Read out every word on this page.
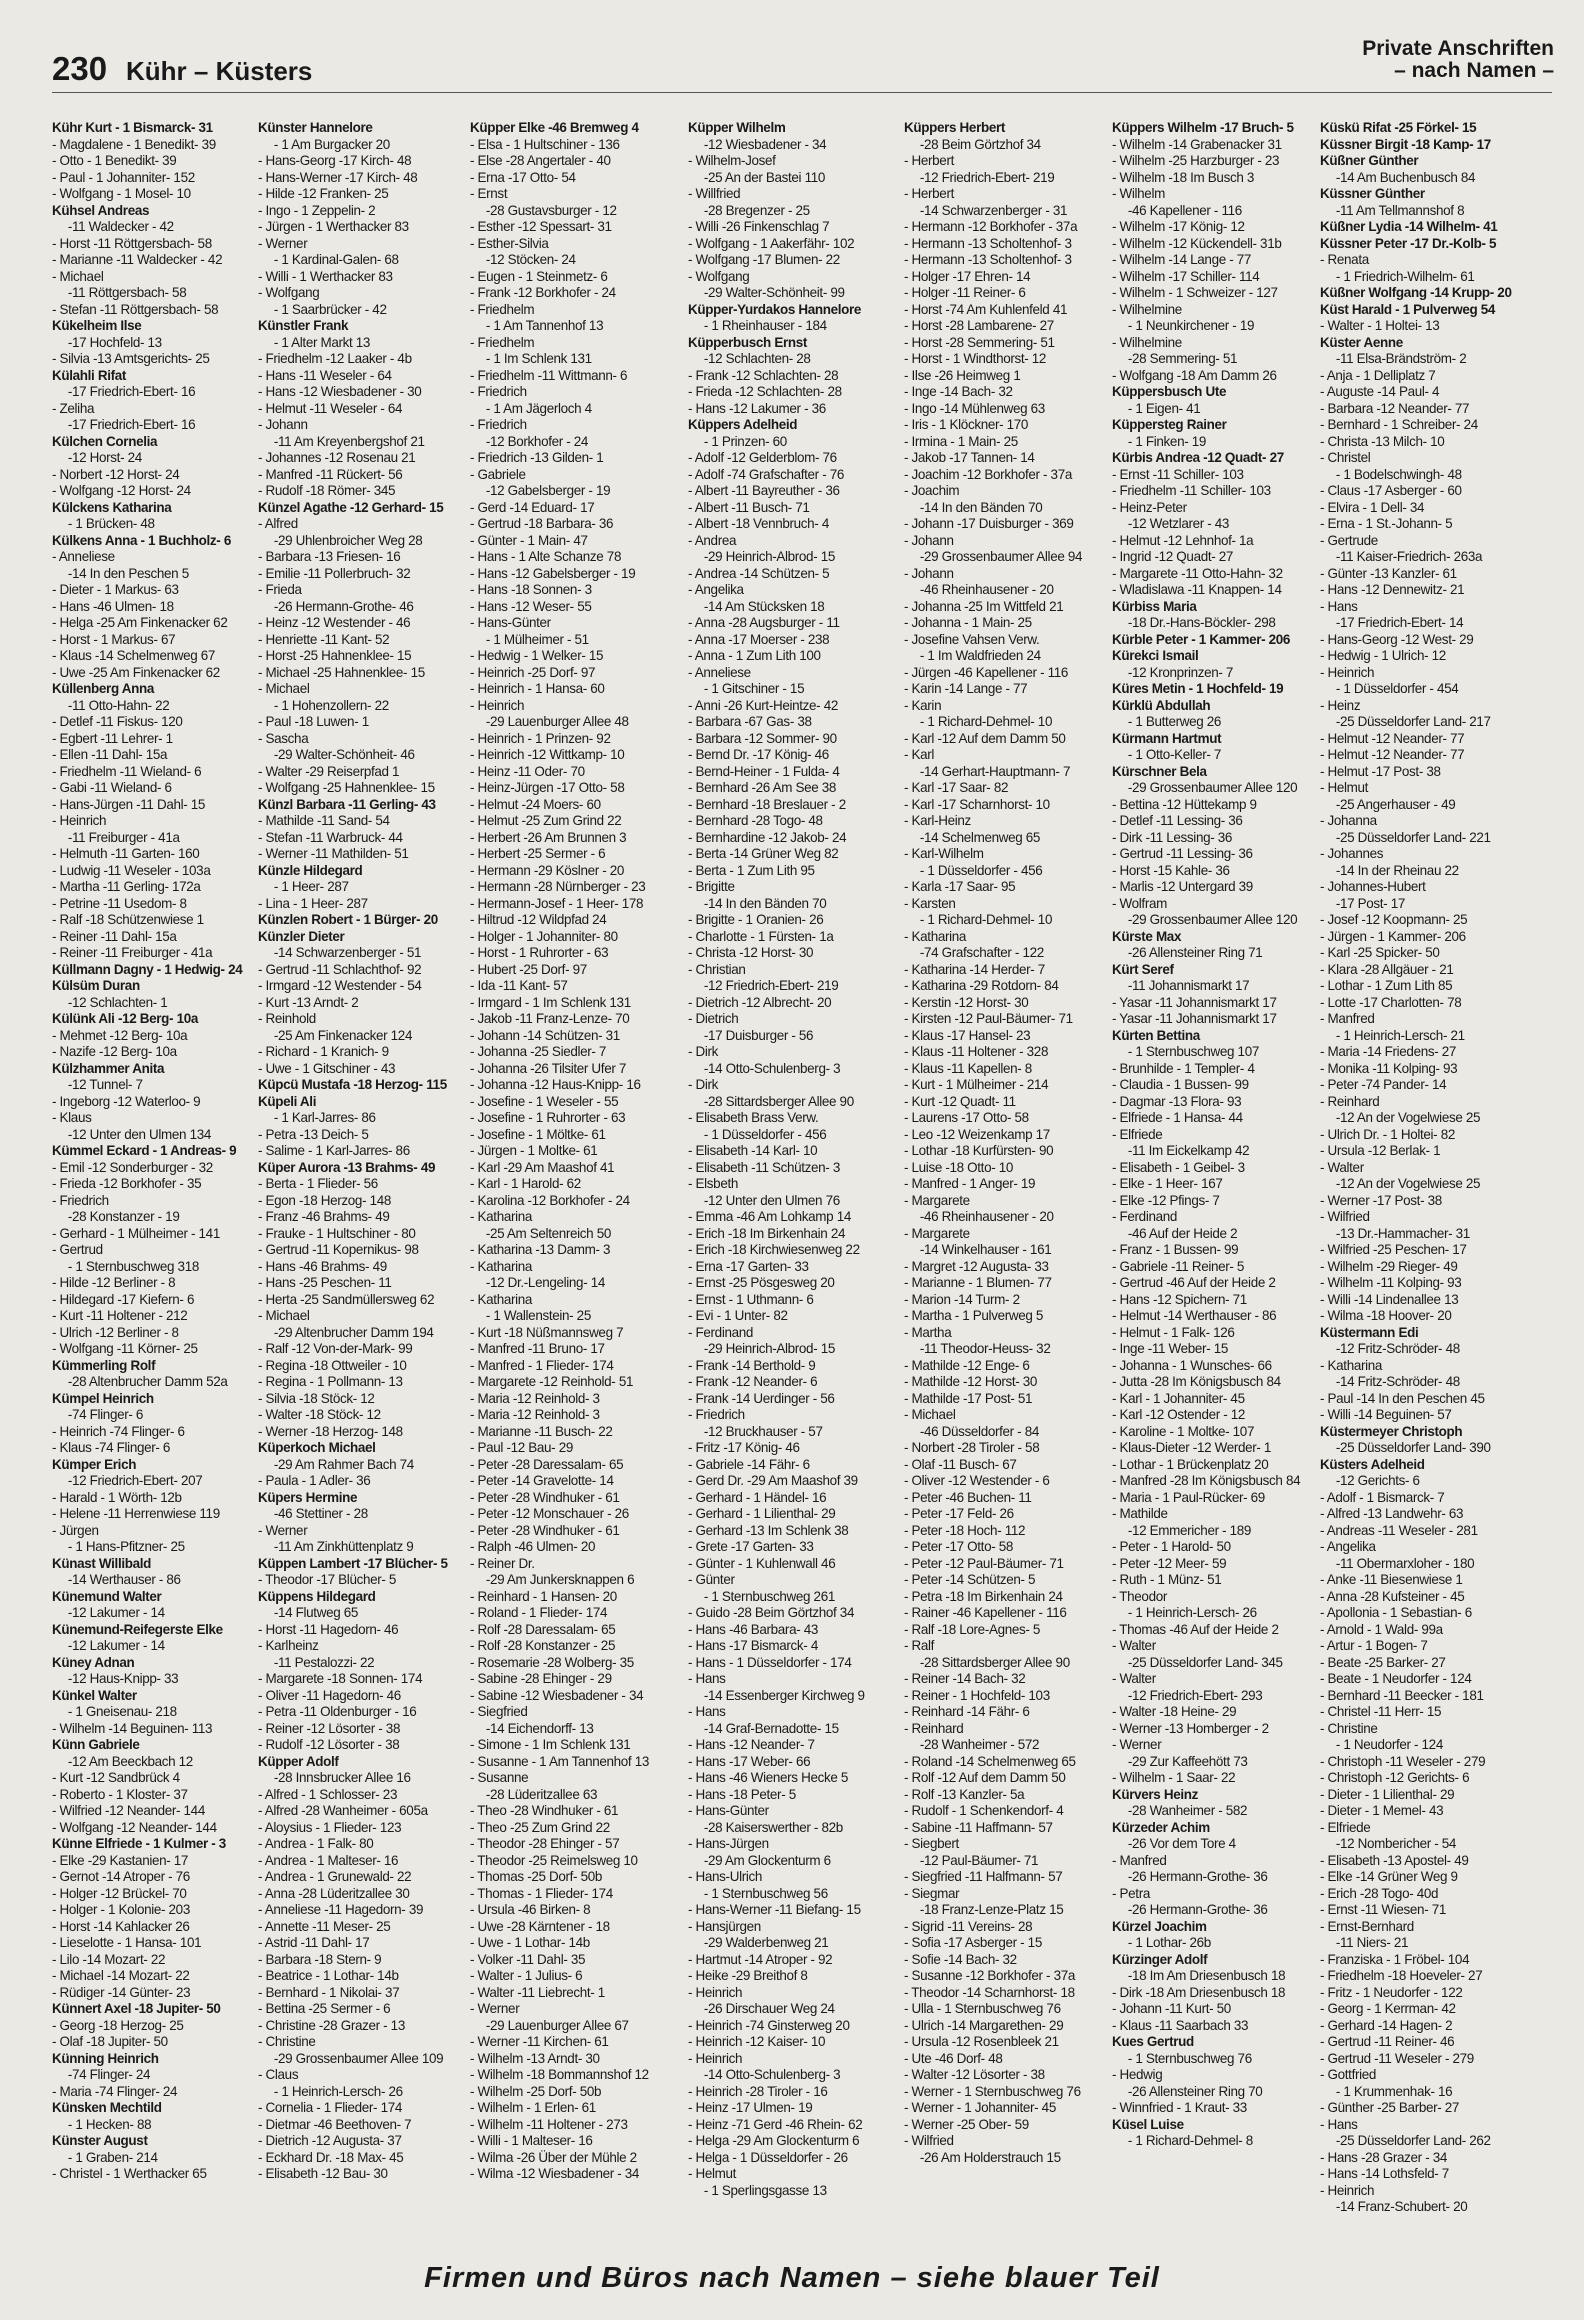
230 Kühr – Küsters
Private Anschriften
– nach Namen –
Kühr Kurt - 1 Bismarck- 31
- Magdalene - 1 Benedikt- 39
- Otto - 1 Benedikt- 39
- Paul - 1 Johanniter- 152
- Wolfgang - 1 Mosel- 10
Kühsel Andreas
-11 Waldecker - 42
- Horst -11 Röttgersbach- 58
- Marianne -11 Waldecker - 42
- Michael
-11 Röttgersbach- 58
- Stefan -11 Röttgersbach- 58
Kükelheim Ilse
-17 Hochfeld- 13
- Silvia -13 Amtsgerichts- 25
Külahli Rifat
-17 Friedrich-Ebert- 16
- Zeliha
-17 Friedrich-Ebert- 16
Külchen Cornelia
-12 Horst- 24
- Norbert -12 Horst- 24
- Wolfgang -12 Horst- 24
Külckens Katharina
- 1 Brücken- 48
Külkens Anna - 1 Buchholz- 6
- Anneliese
-14 In den Peschen 5
- Dieter - 1 Markus- 63
- Hans -46 Ulmen- 18
- Helga -25 Am Finkenacker 62
- Horst - 1 Markus- 67
- Klaus -14 Schelmenweg 67
- Uwe -25 Am Finkenacker 62
Küllenberg Anna
-11 Otto-Hahn- 22
- Detlef -11 Fiskus- 120
- Egbert -11 Lehrer- 1
- Ellen -11 Dahl- 15a
- Friedhelm -11 Wieland- 6
- Gabi -11 Wieland- 6
- Hans-Jürgen -11 Dahl- 15
- Heinrich
-11 Freiburger - 41a
- Helmuth -11 Garten- 160
- Ludwig -11 Weseler - 103a
- Martha -11 Gerling- 172a
- Petrine -11 Usedom- 8
- Ralf -18 Schützenwiese 1
- Reiner -11 Dahl- 15a
- Reiner -11 Freiburger - 41a
Küllmann Dagny - 1 Hedwig- 24
Külsüm Duran
-12 Schlachten- 1
Külünk Ali -12 Berg- 10a
- Mehmet -12 Berg- 10a
- Nazife -12 Berg- 10a
Külzhammer Anita
-12 Tunnel- 7
- Ingeborg -12 Waterloo- 9
- Klaus
-12 Unter den Ulmen 134
Kümmel Eckard - 1 Andreas- 9
- Emil -12 Sonderburger - 32
- Frieda -12 Borkhofer - 35
- Friedrich
-28 Konstanzer - 19
- Gerhard - 1 Mülheimer - 141
- Gertrud
- 1 Sternbuschweg 318
- Hilde -12 Berliner - 8
- Hildegard -17 Kiefern- 6
- Kurt -11 Holtener - 212
- Ulrich -12 Berliner - 8
- Wolfgang -11 Körner- 25
Kümmerling Rolf
-28 Altenbrucher Damm 52a
Kümpel Heinrich
-74 Flinger- 6
- Heinrich -74 Flinger- 6
- Klaus -74 Flinger- 6
Kümper Erich
-12 Friedrich-Ebert- 207
- Harald - 1 Wörth- 12b
- Helene -11 Herrenwiese 119
- Jürgen
- 1 Hans-Pfitzner- 25
Künast Willibald
-14 Werthauser - 86
Künemund Walter
-12 Lakumer - 14
Künemund-Reifegerste Elke
-12 Lakumer - 14
Küney Adnan
-12 Haus-Knipp- 33
Künkel Walter
- 1 Gneisenau- 218
- Wilhelm -14 Beguinen- 113
Künn Gabriele
-12 Am Beeckbach 12
- Kurt -12 Sandbrück 4
- Roberto - 1 Kloster- 37
- Wilfried -12 Neander- 144
- Wolfgang -12 Neander- 144
Künne Elfriede - 1 Kulmer - 3
- Elke -29 Kastanien- 17
- Gernot -14 Atroper - 76
- Holger -12 Brückel- 70
- Holger - 1 Kolonie- 203
- Horst -14 Kahlacker 26
- Lieselotte - 1 Hansa- 101
- Lilo -14 Mozart- 22
- Michael -14 Mozart- 22
- Rüdiger -14 Günter- 23
Künnert Axel -18 Jupiter- 50
- Georg -18 Herzog- 25
- Olaf -18 Jupiter- 50
Künning Heinrich
-74 Flinger- 24
- Maria -74 Flinger- 24
Künsken Mechtild
- 1 Hecken- 88
Künster August
- 1 Graben- 214
- Christel - 1 Werthacker 65
Künster Hannelore
- 1 Am Burgacker 20
- Hans-Georg -17 Kirch- 48
- Hans-Werner -17 Kirch- 48
- Hilde -12 Franken- 25
- Ingo - 1 Zeppelin- 2
- Jürgen - 1 Werthacker 83
- Werner
- 1 Kardinal-Galen- 68
- Willi - 1 Werthacker 83
- Wolfgang
- 1 Saarbrücker - 42
Künstler Frank
- 1 Alter Markt 13
- Friedhelm -12 Laaker - 4b
- Hans -11 Weseler - 64
- Hans -12 Wiesbadener - 30
- Helmut -11 Weseler - 64
- Johann
-11 Am Kreyenbergshof 21
- Johannes -12 Rosenau 21
- Manfred -11 Rückert- 56
- Rudolf -18 Römer- 345
Künzel Agathe -12 Gerhard- 15
- Alfred
-29 Uhlenbroicher Weg 28
- Barbara -13 Friesen- 16
- Emilie -11 Pollerbruch- 32
- Frieda
-26 Hermann-Grothe- 46
- Heinz -12 Westender - 46
- Henriette -11 Kant- 52
- Horst -25 Hahnenklee- 15
- Michael -25 Hahnenklee- 15
- Michael
- 1 Hohenzollern- 22
- Paul -18 Luwen- 1
- Sascha
-29 Walter-Schönheit- 46
- Walter -29 Reiserpfad 1
- Wolfgang -25 Hahnenklee- 15
Künzl Barbara -11 Gerling- 43
- Mathilde -11 Sand- 54
- Stefan -11 Warbruck- 44
- Werner -11 Mathilden- 51
Künzle Hildegard
- 1 Heer- 287
- Lina - 1 Heer- 287
Künzlen Robert - 1 Bürger- 20
Künzler Dieter
-14 Schwarzenberger - 51
- Gertrud -11 Schlachthof- 92
- Irmgard -12 Westender - 54
- Kurt -13 Arndt- 2
- Reinhold
-25 Am Finkenacker 124
- Richard - 1 Kranich- 9
- Uwe - 1 Gitschiner - 43
Küpcü Mustafa -18 Herzog- 115
Küpeli Ali
- 1 Karl-Jarres- 86
- Petra -13 Deich- 5
- Salime - 1 Karl-Jarres- 86
Küper Aurora -13 Brahms- 49
- Berta - 1 Flieder- 56
- Egon -18 Herzog- 148
- Franz -46 Brahms- 49
- Frauke - 1 Hultschiner - 80
- Gertrud -11 Kopernikus- 98
- Hans -46 Brahms- 49
- Hans -25 Peschen- 11
- Herta -25 Sandmüllersweg 62
- Michael
-29 Altenbrucher Damm 194
- Ralf -12 Von-der-Mark- 99
- Regina -18 Ottweiler - 10
- Regina - 1 Pollmann- 13
- Silvia -18 Stöck- 12
- Walter -18 Stöck- 12
- Werner -18 Herzog- 148
Küperkoch Michael
-29 Am Rahmer Bach 74
- Paula - 1 Adler- 36
Küpers Hermine
-46 Stettiner - 28
- Werner
-11 Am Zinkhüttenplatz 9
Küppen Lambert -17 Blücher- 5
- Theodor -17 Blücher- 5
Küppens Hildegard
-14 Flutweg 65
- Horst -11 Hagedorn- 46
- Karlheinz
-11 Pestalozzi- 22
- Margarete -18 Sonnen- 174
- Oliver -11 Hagedorn- 46
- Petra -11 Oldenburger - 16
- Reiner -12 Lösorter - 38
- Rudolf -12 Lösorter - 38
Küpper Adolf
-28 Innsbrucker Allee 16
- Alfred - 1 Schlosser- 23
- Alfred -28 Wanheimer - 605a
- Aloysius - 1 Flieder- 123
- Andrea - 1 Falk- 80
- Andrea - 1 Malteser- 16
- Andrea - 1 Grunewald- 22
- Anna -28 Lüderitzallee 30
- Anneliese -11 Hagedorn- 39
- Annette -11 Meser- 25
- Astrid -11 Dahl- 17
- Barbara -18 Stern- 9
- Beatrice - 1 Lothar- 14b
- Bernhard - 1 Nikolai- 37
- Bettina -25 Sermer - 6
- Christine -28 Grazer - 13
- Christine
-29 Grossenbaumer Allee 109
- Claus
- 1 Heinrich-Lersch- 26
- Cornelia - 1 Flieder- 174
- Dietmar -46 Beethoven- 7
- Dietrich -12 Augusta- 37
- Eckhard Dr. -18 Max- 45
- Elisabeth -12 Bau- 30
Küpper Elke -46 Bremweg 4
- Elsa - 1 Hultschiner - 136
- Else -28 Angertaler - 40
- Erna -17 Otto- 54
- Ernst
-28 Gustavsburger - 12
- Esther -12 Spessart- 31
- Esther-Silvia
-12 Stöcken- 24
- Eugen - 1 Steinmetz- 6
- Frank -12 Borkhofer - 24
- Friedhelm
- 1 Am Tannenhof 13
- Friedhelm
- 1 Im Schlenk 131
- Friedhelm -11 Wittmann- 6
- Friedrich
- 1 Am Jägerloch 4
- Friedrich
-12 Borkhofer - 24
- Friedrich -13 Gilden- 1
- Gabriele
-12 Gabelsberger - 19
- Gerd -14 Eduard- 17
- Gertrud -18 Barbara- 36
- Günter - 1 Main- 47
- Hans - 1 Alte Schanze 78
- Hans -12 Gabelsberger - 19
- Hans -18 Sonnen- 3
- Hans -12 Weser- 55
- Hans-Günter
- 1 Mülheimer - 51
- Hedwig - 1 Welker- 15
- Heinrich -25 Dorf- 97
- Heinrich - 1 Hansa- 60
- Heinrich
-29 Lauenburger Allee 48
- Heinrich - 1 Prinzen- 92
- Heinrich -12 Wittkamp- 10
- Heinz -11 Oder- 70
- Heinz-Jürgen -17 Otto- 58
- Helmut -24 Moers- 60
- Helmut -25 Zum Grind 22
- Herbert -26 Am Brunnen 3
- Herbert -25 Sermer - 6
- Hermann -29 Köslner - 20
- Hermann -28 Nürnberger - 23
- Hermann-Josef - 1 Heer- 178
- Hiltrud -12 Wildpfad 24
- Holger - 1 Johanniter- 80
- Horst - 1 Ruhrorter - 63
- Hubert -25 Dorf- 97
- Ida -11 Kant- 57
- Irmgard - 1 Im Schlenk 131
- Jakob -11 Franz-Lenze- 70
- Johann -14 Schützen- 31
- Johanna -25 Siedler- 7
- Johanna -26 Tilsiter Ufer 7
- Johanna -12 Haus-Knipp- 16
- Josefine - 1 Weseler - 55
- Josefine - 1 Ruhrorter - 63
- Josefine - 1 Möltke- 61
- Jürgen - 1 Moltke- 61
- Karl -29 Am Maashof 41
- Karl - 1 Harold- 62
- Karolina -12 Borkhofer - 24
- Katharina
-25 Am Seltenreich 50
- Katharina -13 Damm- 3
- Katharina
-12 Dr.-Lengeling- 14
- Katharina
- 1 Wallenstein- 25
- Kurt -18 Nüßmannsweg 7
- Manfred -11 Bruno- 17
- Manfred - 1 Flieder- 174
- Margarete -12 Reinhold- 51
- Maria -12 Reinhold- 3
- Maria -12 Reinhold- 3
- Marianne -11 Busch- 22
- Paul -12 Bau- 29
- Peter -28 Daressalam- 65
- Peter -14 Gravelotte- 14
- Peter -28 Windhuker - 61
- Peter -12 Monschauer - 26
- Peter -28 Windhuker - 61
- Ralph -46 Ulmen- 20
- Reiner Dr.
-29 Am Junkersknappen 6
- Reinhard - 1 Hansen- 20
- Roland - 1 Flieder- 174
- Rolf -28 Daressalam- 65
- Rolf -28 Konstanzer - 25
- Rosemarie -28 Wolberg- 35
- Sabine -28 Ehinger - 29
- Sabine -12 Wiesbadener - 34
- Siegfried
-14 Eichendorff- 13
- Simone - 1 Im Schlenk 131
- Susanne - 1 Am Tannenhof 13
- Susanne
-28 Lüderitzallee 63
- Theo -28 Windhuker - 61
- Theo -25 Zum Grind 22
- Theodor -28 Ehinger - 57
- Theodor -25 Reimelsweg 10
- Thomas -25 Dorf- 50b
- Thomas - 1 Flieder- 174
- Ursula -46 Birken- 8
- Uwe -28 Kärntener - 18
- Uwe - 1 Lothar- 14b
- Volker -11 Dahl- 35
- Walter - 1 Julius- 6
- Walter -11 Liebrecht- 1
- Werner
-29 Lauenburger Allee 67
- Werner -11 Kirchen- 61
- Wilhelm -13 Arndt- 30
- Wilhelm -18 Bommannshof 12
- Wilhelm -25 Dorf- 50b
- Wilhelm - 1 Erlen- 61
- Wilhelm -11 Holtener - 273
- Willi - 1 Malteser- 16
- Wilma -26 Über der Mühle 2
- Wilma -12 Wiesbadener - 34
Küpper Wilhelm
-12 Wiesbadener - 34
- Wilhelm-Josef
-25 An der Bastei 110
- Willfried
-28 Bregenzer - 25
- Willi -26 Finkenschlag 7
- Wolfgang - 1 Aakerfähr- 102
- Wolfgang -17 Blumen- 22
- Wolfgang
-29 Walter-Schönheit- 99
Küpper-Yurdakos Hannelore
- 1 Rheinhauser - 184
Küpperbusch Ernst
-12 Schlachten- 28
- Frank -12 Schlachten- 28
- Frieda -12 Schlachten- 28
- Hans -12 Lakumer - 36
Küppers Adelheid
- 1 Prinzen- 60
- Adolf -12 Gelderblom- 76
- Adolf -74 Grafschafter - 76
- Albert -11 Bayreuther - 36
- Albert -11 Busch- 71
- Albert -18 Vennbruch- 4
- Andrea
-29 Heinrich-Albrod- 15
- Andrea -14 Schützen- 5
- Angelika
-14 Am Stücksken 18
- Anna -28 Augsburger - 11
- Anna -17 Moerser - 238
- Anna - 1 Zum Lith 100
- Anneliese
- 1 Gitschiner - 15
- Anni -26 Kurt-Heintze- 42
- Barbara -67 Gas- 38
- Barbara -12 Sommer- 90
- Bernd Dr. -17 König- 46
- Bernd-Heiner - 1 Fulda- 4
- Bernhard -26 Am See 38
- Bernhard -18 Breslauer - 2
- Bernhard -28 Togo- 48
- Bernhardine -12 Jakob- 24
- Berta -14 Grüner Weg 82
- Berta - 1 Zum Lith 95
- Brigitte
-14 In den Bänden 70
- Brigitte - 1 Oranien- 26
- Charlotte - 1 Fürsten- 1a
- Christa -12 Horst- 30
- Christian
-12 Friedrich-Ebert- 219
- Dietrich -12 Albrecht- 20
- Dietrich
-17 Duisburger - 56
- Dirk
-14 Otto-Schulenberg- 3
- Dirk
-28 Sittardsberger Allee 90
- Elisabeth Brass Verw.
- 1 Düsseldorfer - 456
- Elisabeth -14 Karl- 10
- Elisabeth -11 Schützen- 3
- Elsbeth
-12 Unter den Ulmen 76
- Emma -46 Am Lohkamp 14
- Erich -18 Im Birkenhain 24
- Erich -18 Kirchwiesenweg 22
- Erna -17 Garten- 33
- Ernst -25 Pösgesweg 20
- Ernst - 1 Uthmann- 6
- Evi - 1 Unter- 82
- Ferdinand
-29 Heinrich-Albrod- 15
- Frank -14 Berthold- 9
- Frank -12 Neander- 6
- Frank -14 Uerdinger - 56
- Friedrich
-12 Bruckhauser - 57
- Fritz -17 König- 46
- Gabriele -14 Fähr- 6
- Gerd Dr. -29 Am Maashof 39
- Gerhard - 1 Händel- 16
- Gerhard - 1 Lilienthal- 29
- Gerhard -13 Im Schlenk 38
- Grete -17 Garten- 33
- Günter - 1 Kuhlenwall 46
- Günter
- 1 Sternbuschweg 261
- Guido -28 Beim Görtzhof 34
- Hans -46 Barbara- 43
- Hans -17 Bismarck- 4
- Hans - 1 Düsseldorfer - 174
- Hans
-14 Essenberger Kirchweg 9
- Hans
-14 Graf-Bernadotte- 15
- Hans -12 Neander- 7
- Hans -17 Weber- 66
- Hans -46 Wieners Hecke 5
- Hans -18 Peter- 5
- Hans-Günter
-28 Kaiserswerther - 82b
- Hans-Jürgen
-29 Am Glockenturm 6
- Hans-Ulrich
- 1 Sternbuschweg 56
- Hans-Werner -11 Biefang- 15
- Hansjürgen
-29 Walderbenweg 21
- Hartmut -14 Atroper - 92
- Heike -29 Breithof 8
- Heinrich
-26 Dirschauer Weg 24
- Heinrich -74 Ginsterweg 20
- Heinrich -12 Kaiser- 10
- Heinrich
-14 Otto-Schulenberg- 3
- Heinrich -28 Tiroler - 16
- Heinz -17 Ulmen- 19
- Heinz -71 Gerd -46 Rhein- 62
- Helga -29 Am Glockenturm 6
- Helga - 1 Düsseldorfer - 26
- Helmut
- 1 Sperlingsgasse 13
Küppers Herbert
-28 Beim Görtzhof 34
- Herbert
-12 Friedrich-Ebert- 219
- Herbert
-14 Schwarzenberger - 31
- Hermann -12 Borkhofer - 37a
- Hermann -13 Scholtenhof- 3
- Hermann -13 Scholtenhof- 3
- Holger -17 Ehren- 14
- Holger -11 Reiner- 6
- Horst -74 Am Kuhlenfeld 41
- Horst -28 Lambarene- 27
- Horst -28 Semmering- 51
- Horst - 1 Windthorst- 12
- Ilse -26 Heimweg 1
- Inge -14 Bach- 32
- Ingo -14 Mühlenweg 63
- Iris - 1 Klöckner- 170
- Irmina - 1 Main- 25
- Jakob -17 Tannen- 14
- Joachim -12 Borkhofer - 37a
- Joachim
-14 In den Bänden 70
- Johann -17 Duisburger - 369
- Johann
-29 Grossenbaumer Allee 94
- Johann
-46 Rheinhausener - 20
- Johanna -25 Im Wittfeld 21
- Johanna - 1 Main- 25
- Josefine Vahsen Verw.
- 1 Im Waldfrieden 24
- Jürgen -46 Kapellener - 116
- Karin -14 Lange - 77
- Karin
- 1 Richard-Dehmel- 10
- Karl -12 Auf dem Damm 50
- Karl
-14 Gerhart-Hauptmann- 7
- Karl -17 Saar- 82
- Karl -17 Scharnhorst- 10
- Karl-Heinz
-14 Schelmenweg 65
- Karl-Wilhelm
- 1 Düsseldorfer - 456
- Karla -17 Saar- 95
- Karsten
- 1 Richard-Dehmel- 10
- Katharina
-74 Grafschafter - 122
- Katharina -14 Herder- 7
- Katharina -29 Rotdorn- 84
- Kerstin -12 Horst- 30
- Kirsten -12 Paul-Bäumer- 71
- Klaus -17 Hansel- 23
- Klaus -11 Holtener - 328
- Klaus -11 Kapellen- 8
- Kurt - 1 Mülheimer - 214
- Kurt -12 Quadt- 11
- Laurens -17 Otto- 58
- Leo -12 Weizenkamp 17
- Lothar -18 Kurfürsten- 90
- Luise -18 Otto- 10
- Manfred - 1 Anger- 19
- Margarete
-46 Rheinhausener - 20
- Margarete
-14 Winkelhauser - 161
- Margret -12 Augusta- 33
- Marianne - 1 Blumen- 77
- Marion -14 Turm- 2
- Martha - 1 Pulverweg 5
- Martha
-11 Theodor-Heuss- 32
- Mathilde -12 Enge- 6
- Mathilde -12 Horst- 30
- Mathilde -17 Post- 51
- Michael
-46 Düsseldorfer - 84
- Norbert -28 Tiroler - 58
- Olaf -11 Busch- 67
- Oliver -12 Westender - 6
- Peter -46 Buchen- 11
- Peter -17 Feld- 26
- Peter -18 Hoch- 112
- Peter -17 Otto- 58
- Peter -12 Paul-Bäumer- 71
- Peter -14 Schützen- 5
- Petra -18 Im Birkenhain 24
- Rainer -46 Kapellener - 116
- Ralf -18 Lore-Agnes- 5
- Ralf
-28 Sittardsberger Allee 90
- Reiner -14 Bach- 32
- Reiner - 1 Hochfeld- 103
- Reinhard -14 Fähr- 6
- Reinhard
-28 Wanheimer - 572
- Roland -14 Schelmenweg 65
- Rolf -12 Auf dem Damm 50
- Rolf -13 Kanzler- 5a
- Rudolf - 1 Schenkendorf- 4
- Sabine -11 Haffmann- 57
- Siegbert
-12 Paul-Bäumer- 71
- Siegfried -11 Halfmann- 57
- Siegmar
-18 Franz-Lenze-Platz 15
- Sigrid -11 Vereins- 28
- Sofia -17 Asberger - 15
- Sofie -14 Bach- 32
- Susanne -12 Borkhofer - 37a
- Theodor -14 Scharnhorst- 18
- Ulla - 1 Sternbuschweg 76
- Ulrich -14 Margarethen- 29
- Ursula -12 Rosenbleek 21
- Ute -46 Dorf- 48
- Walter -12 Lösorter - 38
- Werner - 1 Sternbuschweg 76
- Werner - 1 Johanniter- 45
- Werner -25 Ober- 59
- Wilfried
-26 Am Holderstrauch 15
Küppers Wilhelm -17 Bruch- 5
- Wilhelm -14 Grabenacker 31
- Wilhelm -25 Harzburger - 23
- Wilhelm -18 Im Busch 3
- Wilhelm
-46 Kapellener - 116
- Wilhelm -17 König- 12
- Wilhelm -12 Kückendell- 31b
- Wilhelm -14 Lange - 77
- Wilhelm -17 Schiller- 114
- Wilhelm - 1 Schweizer - 127
- Wilhelmine
- 1 Neunkirchener - 19
- Wilhelmine
-28 Semmering- 51
- Wolfgang -18 Am Damm 26
Küppersbusch Ute
- 1 Eigen- 41
Küppersteg Rainer
- 1 Finken- 19
Kürbis Andrea -12 Quadt- 27
- Ernst -11 Schiller- 103
- Friedhelm -11 Schiller- 103
- Heinz-Peter
-12 Wetzlarer - 43
- Helmut -12 Lehnhof- 1a
- Ingrid -12 Quadt- 27
- Margarete -11 Otto-Hahn- 32
- Wladislawa -11 Knappen- 14
Kürbiss Maria
-18 Dr.-Hans-Böckler- 298
Kürble Peter - 1 Kammer- 206
Kürekci Ismail
-12 Kronprinzen- 7
Küres Metin - 1 Hochfeld- 19
Kürklü Abdullah
- 1 Butterweg 26
Kürmann Hartmut
- 1 Otto-Keller- 7
Kürschner Bela
-29 Grossenbaumer Allee 120
- Bettina -12 Hüttekamp 9
- Detlef -11 Lessing- 36
- Dirk -11 Lessing- 36
- Gertrud -11 Lessing- 36
- Horst -15 Kahle- 36
- Marlis -12 Untergard 39
- Wolfram
-29 Grossenbaumer Allee 120
Kürste Max
-26 Allensteiner Ring 71
Kürt Seref
-11 Johannismarkt 17
- Yasar -11 Johannismarkt 17
- Yasar -11 Johannismarkt 17
Kürten Bettina
- 1 Sternbuschweg 107
- Brunhilde - 1 Templer- 4
- Claudia - 1 Bussen- 99
- Dagmar -13 Flora- 93
- Elfriede - 1 Hansa- 44
- Elfriede
-11 Im Eickelkamp 42
- Elisabeth - 1 Geibel- 3
- Elke - 1 Heer- 167
- Elke -12 Pfings- 7
- Ferdinand
-46 Auf der Heide 2
- Franz - 1 Bussen- 99
- Gabriele -11 Reiner- 5
- Gertrud -46 Auf der Heide 2
- Hans -12 Spichern- 71
- Helmut -14 Werthauser - 86
- Helmut - 1 Falk- 126
- Inge -11 Weber- 15
- Johanna - 1 Wunsches- 66
- Jutta -28 Im Königsbusch 84
- Karl - 1 Johanniter- 45
- Karl -12 Ostender - 12
- Karoline - 1 Moltke- 107
- Klaus-Dieter -12 Werder- 1
- Lothar - 1 Brückenplatz 20
- Manfred -28 Im Königsbusch 84
- Maria - 1 Paul-Rücker- 69
- Mathilde
-12 Emmericher - 189
- Peter - 1 Harold- 50
- Peter -12 Meer- 59
- Ruth - 1 Münz- 51
- Theodor
- 1 Heinrich-Lersch- 26
- Thomas -46 Auf der Heide 2
- Walter
-25 Düsseldorfer Land- 345
- Walter
-12 Friedrich-Ebert- 293
- Walter -18 Heine- 29
- Werner -13 Homberger - 2
- Werner
-29 Zur Kaffeehött 73
- Wilhelm - 1 Saar- 22
Kürvers Heinz
-28 Wanheimer - 582
Kürzeder Achim
-26 Vor dem Tore 4
- Manfred
-26 Hermann-Grothe- 36
- Petra
-26 Hermann-Grothe- 36
Kürzel Joachim
- 1 Lothar- 26b
Kürzinger Adolf
-18 Im Am Driesenbusch 18
- Dirk -18 Am Driesenbusch 18
- Johann -11 Kurt- 50
- Klaus -11 Saarbach 33
Kues Gertrud
- 1 Sternbuschweg 76
- Hedwig
-26 Allensteiner Ring 70
- Winnfried - 1 Kraut- 33
Küsel Luise
- 1 Richard-Dehmel- 8
Küskü Rifat -25 Förkel- 15
Küssner Birgit -18 Kamp- 17
Küßner Günther
-14 Am Buchenbusch 84
Küssner Günther
-11 Am Tellmannshof 8
Küßner Lydia -14 Wilhelm- 41
Küssner Peter -17 Dr.-Kolb- 5
- Renata
- 1 Friedrich-Wilhelm- 61
Küßner Wolfgang -14 Krupp- 20
Küst Harald - 1 Pulverweg 54
- Walter - 1 Holtei- 13
Küster Aenne
-11 Elsa-Brändström- 2
- Anja - 1 Delliplatz 7
- Auguste -14 Paul- 4
- Barbara -12 Neander- 77
- Bernhard - 1 Schreiber- 24
- Christa -13 Milch- 10
- Christel
- 1 Bodelschwingh- 48
- Claus -17 Asberger - 60
- Elvira - 1 Dell- 34
- Erna - 1 St.-Johann- 5
- Gertrude
-11 Kaiser-Friedrich- 263a
- Günter -13 Kanzler- 61
- Hans -12 Dennewitz- 21
- Hans
-17 Friedrich-Ebert- 14
- Hans-Georg -12 West- 29
- Hedwig - 1 Ulrich- 12
- Heinrich
- 1 Düsseldorfer - 454
- Heinz
-25 Düsseldorfer Land- 217
- Helmut -12 Neander- 77
- Helmut -12 Neander- 77
- Helmut -17 Post- 38
- Helmut
-25 Angerhauser - 49
- Johanna
-25 Düsseldorfer Land- 221
- Johannes
-14 In der Rheinau 22
- Johannes-Hubert
-17 Post- 17
- Josef -12 Koopmann- 25
- Jürgen - 1 Kammer- 206
- Karl -25 Spicker- 50
- Klara -28 Allgäuer - 21
- Lothar - 1 Zum Lith 85
- Lotte -17 Charlotten- 78
- Manfred
- 1 Heinrich-Lersch- 21
- Maria -14 Friedens- 27
- Monika -11 Kolping- 93
- Peter -74 Pander- 14
- Reinhard
-12 An der Vogelwiese 25
- Ulrich Dr. - 1 Holtei- 82
- Ursula -12 Berlak- 1
- Walter
-12 An der Vogelwiese 25
- Werner -17 Post- 38
- Wilfried
-13 Dr.-Hammacher- 31
- Wilfried -25 Peschen- 17
- Wilhelm -29 Rieger- 49
- Wilhelm -11 Kolping- 93
- Willi -14 Lindenallee 13
- Wilma -18 Hoover- 20
Küstermann Edi
-12 Fritz-Schröder- 48
- Katharina
-14 Fritz-Schröder- 48
- Paul -14 In den Peschen 45
- Willi -14 Beguinen- 57
Küstermeyer Christoph
-25 Düsseldorfer Land- 390
Küsters Adelheid
-12 Gerichts- 6
- Adolf - 1 Bismarck- 7
- Alfred -13 Landwehr- 63
- Andreas -11 Weseler - 281
- Angelika
-11 Obermarxloher - 180
- Anke -11 Biesenwiese 1
- Anna -28 Kufsteiner - 45
- Apollonia - 1 Sebastian- 6
- Arnold - 1 Wald- 99a
- Artur - 1 Bogen- 7
- Beate -25 Barker- 27
- Beate - 1 Neudorfer - 124
- Bernhard -11 Beecker - 181
- Christel -11 Herr- 15
- Christine
- 1 Neudorfer - 124
- Christoph -11 Weseler - 279
- Christoph -12 Gerichts- 6
- Dieter - 1 Lilienthal- 29
- Dieter - 1 Memel- 43
- Elfriede
-12 Nombericher - 54
- Elisabeth -13 Apostel- 49
- Elke -14 Grüner Weg 9
- Erich -28 Togo- 40d
- Ernst -11 Wiesen- 71
- Ernst-Bernhard
-11 Niers- 21
- Franziska - 1 Fröbel- 104
- Friedhelm -18 Hoeveler- 27
- Fritz - 1 Neudorfer - 122
- Georg - 1 Kerrman- 42
- Gerhard -14 Hagen- 2
- Gertrud -11 Reiner- 46
- Gertrud -11 Weseler - 279
- Gottfried
- 1 Krummenhak- 16
- Günther -25 Barber- 27
- Hans
-25 Düsseldorfer Land- 262
- Hans -28 Grazer - 34
- Hans -14 Lothsfeld- 7
- Heinrich
-14 Franz-Schubert- 20
Firmen und Büros nach Namen – siehe blauer Teil
